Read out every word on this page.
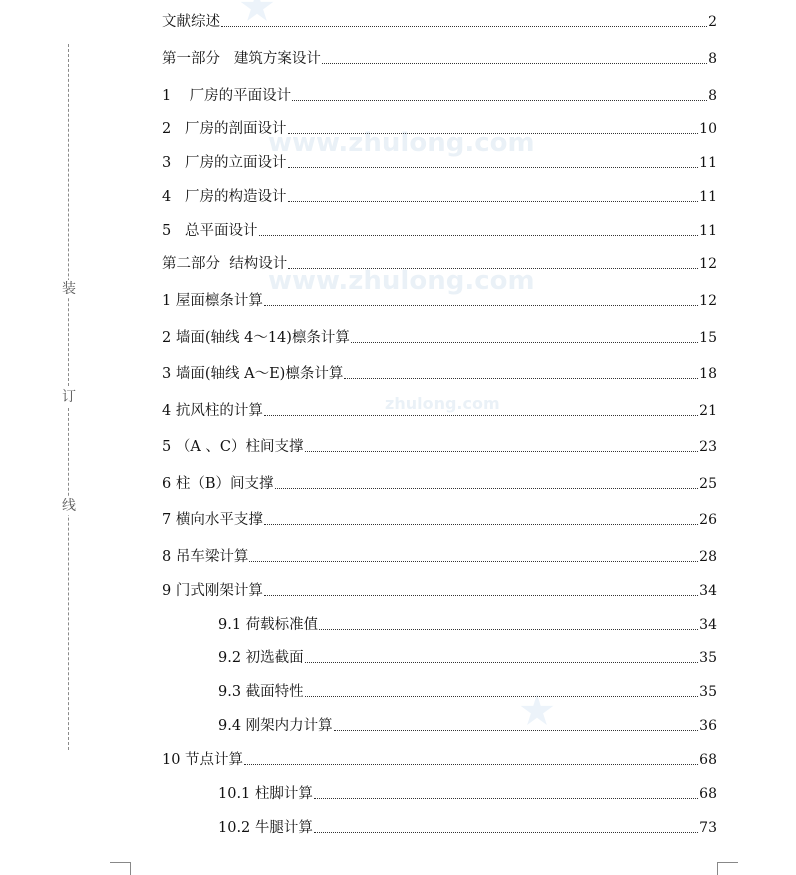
www.zhulong.com
www.zhulong.com
zhulong.com
装
订
线
文献综述	2
第一部分   建筑方案设计	8
1    厂房的平面设计	8
2   厂房的剖面设计	10
3   厂房的立面设计	11
4   厂房的构造设计	11
5   总平面设计	11
第二部分  结构设计	12
1 屋面檩条计算	12
2 墙面(轴线 4～14)檩条计算	15
3 墙面(轴线 A～E)檩条计算	18
4 抗风柱的计算	21
5 （A 、C）柱间支撑	23
6 柱（B）间支撑	25
7 横向水平支撑	26
8 吊车梁计算	28
9 门式刚架计算	34
9.1 荷载标准值	34
9.2 初选截面	35
9.3 截面特性	35
9.4 刚架内力计算	36
10 节点计算	68
10.1 柱脚计算	68
10.2 牛腿计算	73
